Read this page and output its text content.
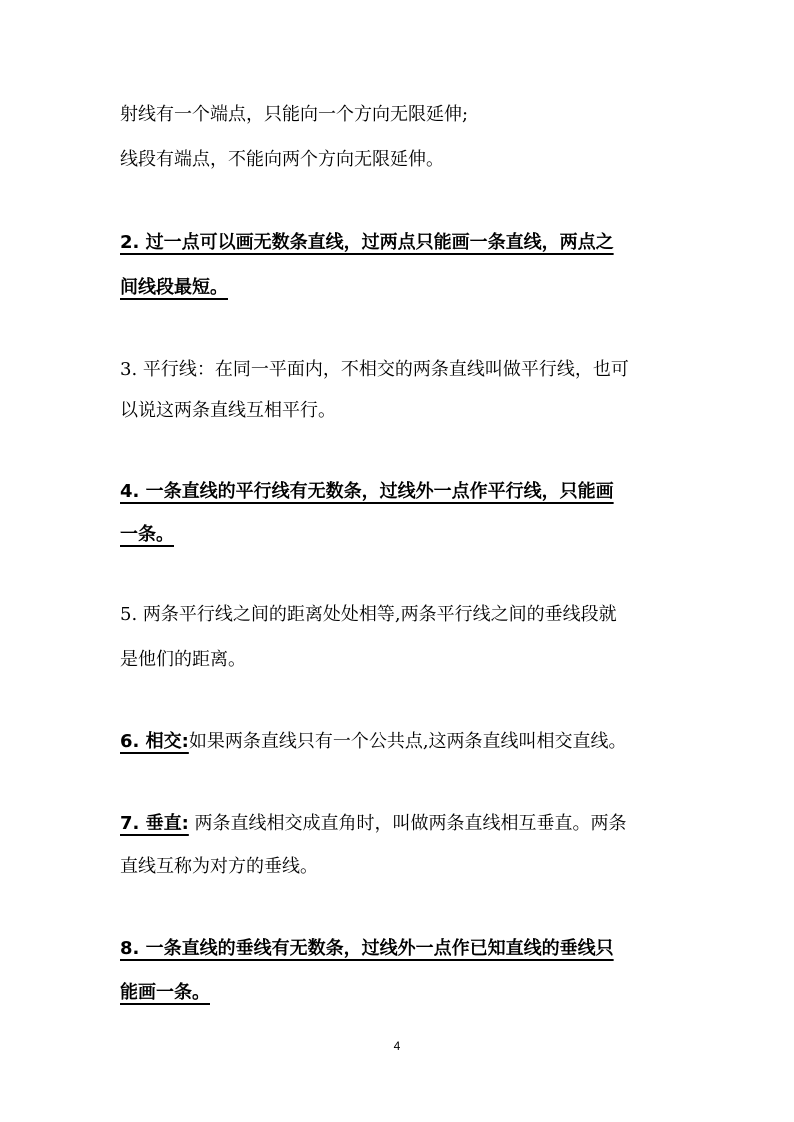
射线有一个端点，只能向一个方向无限延伸;
线段有端点，不能向两个方向无限延伸。
2. 过一点可以画无数条直线，过两点只能画一条直线，两点之
间线段最短。
3. 平行线：在同一平面内，不相交的两条直线叫做平行线，也可
以说这两条直线互相平行。
4. 一条直线的平行线有无数条，过线外一点作平行线，只能画
一条。
5. 两条平行线之间的距离处处相等,两条平行线之间的垂线段就
是他们的距离。
6. 相交:如果两条直线只有一个公共点,这两条直线叫相交直线。
7. 垂直: 两条直线相交成直角时，叫做两条直线相互垂直。两条
直线互称为对方的垂线。
8. 一条直线的垂线有无数条，过线外一点作已知直线的垂线只
能画一条。
4
